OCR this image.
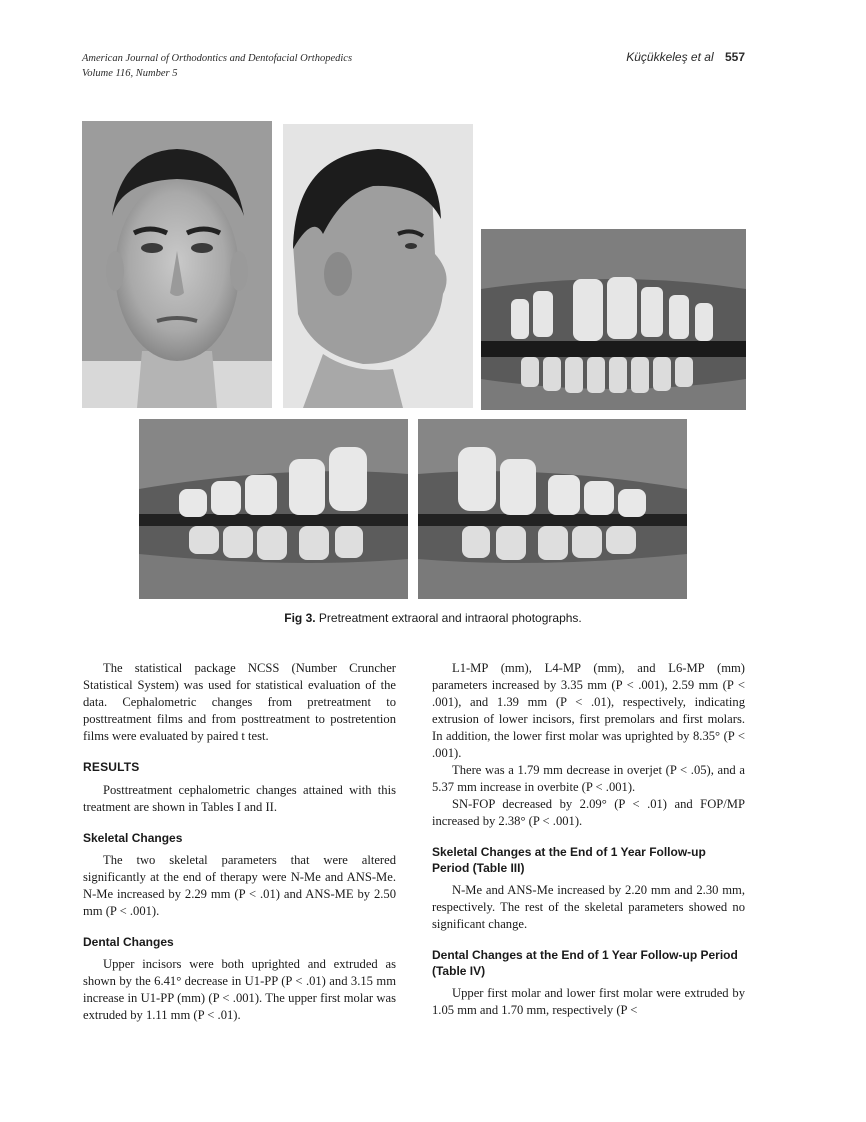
American Journal of Orthodontics and Dentofacial Orthopedics
Volume 116, Number 5
Küçükkeleş et al 557
Fig 3. Pretreatment extraoral and intraoral photographs.

The statistical package NCSS (Number Cruncher Statistical System) was used for statistical evaluation of the data. Cephalometric changes from pretreatment to posttreatment films and from posttreatment to postretention films were evaluated by paired t test.

RESULTS

Posttreatment cephalometric changes attained with this treatment are shown in Tables I and II.

Skeletal Changes

The two skeletal parameters that were altered significantly at the end of therapy were N-Me and ANS-Me. N-Me increased by 2.29 mm (P < .01) and ANS-ME by 2.50 mm (P < .001).

Dental Changes

Upper incisors were both uprighted and extruded as shown by the 6.41° decrease in U1-PP (P < .01) and 3.15 mm increase in U1-PP (mm) (P < .001). The upper first molar was extruded by 1.11 mm (P < .01).

L1-MP (mm), L4-MP (mm), and L6-MP (mm) parameters increased by 3.35 mm (P < .001), 2.59 mm (P < .001), and 1.39 mm (P < .01), respectively, indicating extrusion of lower incisors, first premolars and first molars. In addition, the lower first molar was uprighted by 8.35° (P < .001).

There was a 1.79 mm decrease in overjet (P < .05), and a 5.37 mm increase in overbite (P < .001).

SN-FOP decreased by 2.09° (P < .01) and FOP/MP increased by 2.38° (P < .001).

Skeletal Changes at the End of 1 Year Follow-up Period (Table III)

N-Me and ANS-Me increased by 2.20 mm and 2.30 mm, respectively. The rest of the skeletal parameters showed no significant change.

Dental Changes at the End of 1 Year Follow-up Period (Table IV)

Upper first molar and lower first molar were extruded by 1.05 mm and 1.70 mm, respectively (P <
